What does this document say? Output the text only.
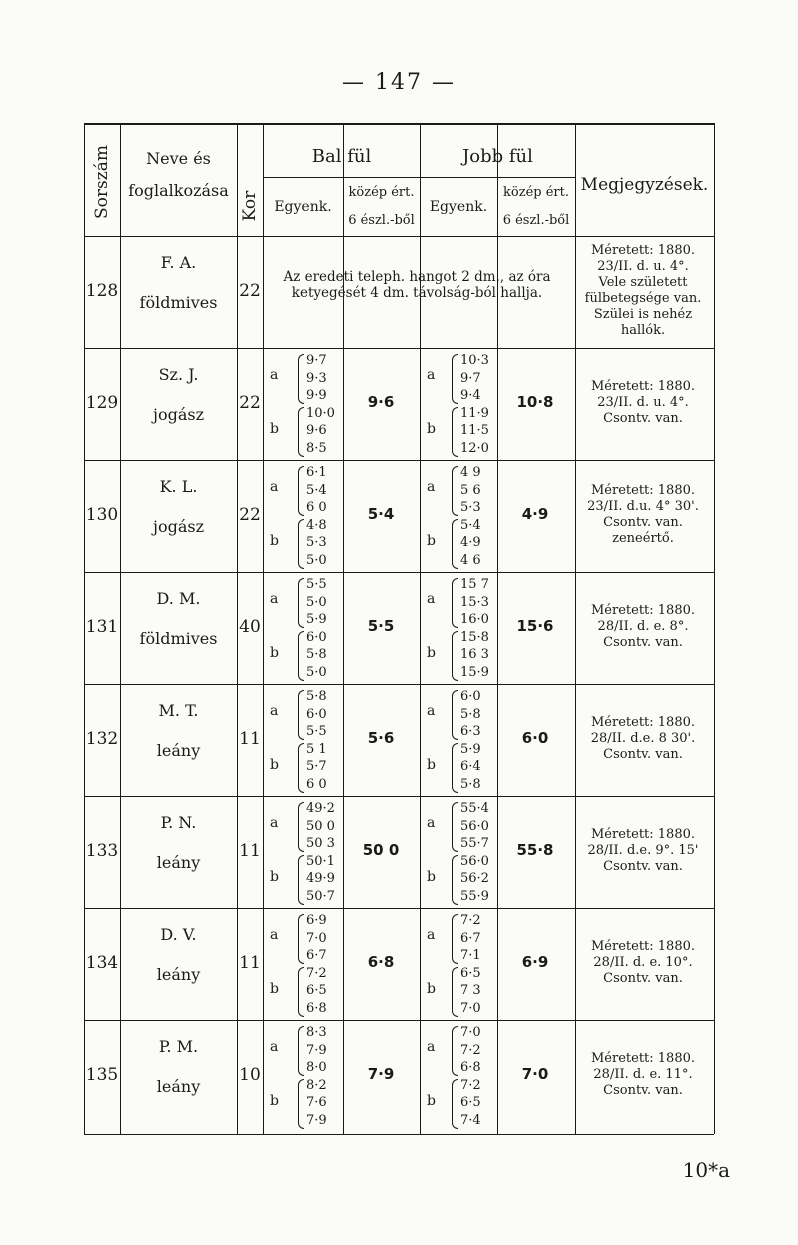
— 147 —
Sorszám	Neve és
foglalkozása
Kor
Bal fül	Jobb fül
Egyenk.
közép ért.
6 észl.-ből
Egyenk.
közép ért.
6 észl.-ből
Megjegyzések.
128
F. A.
földmives
22
Méretett: 1880.
23/II. d. u. 4°.
Vele született
fülbetegsége van.
Szülei is nehéz
hallók.
Az eredeti teleph. hangot 2 dm., az óra ketyegését 4 dm. távolság-ból hallja.
129
Sz. J.
jogász
22
Méretett: 1880.
23/II. d. u. 4°.
Csontv. van.
9·7
9·3
9·9
10·0
9·6
8·5
a
b
9·6
10·3
9·7
9·4
11·9
11·5
12·0
a
b
10·8
130
K. L.
jogász
22
Méretett: 1880.
23/II. d.u. 4° 30'.
Csontv. van.
zeneértő.
6·1
5·4
6 0
4·8
5·3
5·0
a
b
5·4
4 9
5 6
5·3
5·4
4·9
4 6
a
b
4·9
131
D. M.
földmives
40
Méretett: 1880.
28/II. d. e. 8°.
Csontv. van.
5·5
5·0
5·9
6·0
5·8
5·0
a
b
5·5
15 7
15·3
16·0
15·8
16 3
15·9
a
b
15·6
132
M. T.
leány
11
Méretett: 1880.
28/II. d.e. 8 30'.
Csontv. van.
5·8
6·0
5·5
5 1
5·7
6 0
a
b
5·6
6·0
5·8
6·3
5·9
6·4
5·8
a
b
6·0
133
P. N.
leány
11
Méretett: 1880.
28/II. d.e. 9°. 15'
Csontv. van.
49·2
50 0
50 3
50·1
49·9
50·7
a
b
50 0
55·4
56·0
55·7
56·0
56·2
55·9
a
b
55·8
134
D. V.
leány
11
Méretett: 1880.
28/II. d. e. 10°.
Csontv. van.
6·9
7·0
6·7
7·2
6·5
6·8
a
b
6·8
7·2
6·7
7·1
6·5
7 3
7·0
a
b
6·9
135
P. M.
leány
10
Méretett: 1880.
28/II. d. e. 11°.
Csontv. van.
8·3
7·9
8·0
8·2
7·6
7·9
a
b
7·9
7·0
7·2
6·8
7·2
6·5
7·4
a
b
7·0
10*a
